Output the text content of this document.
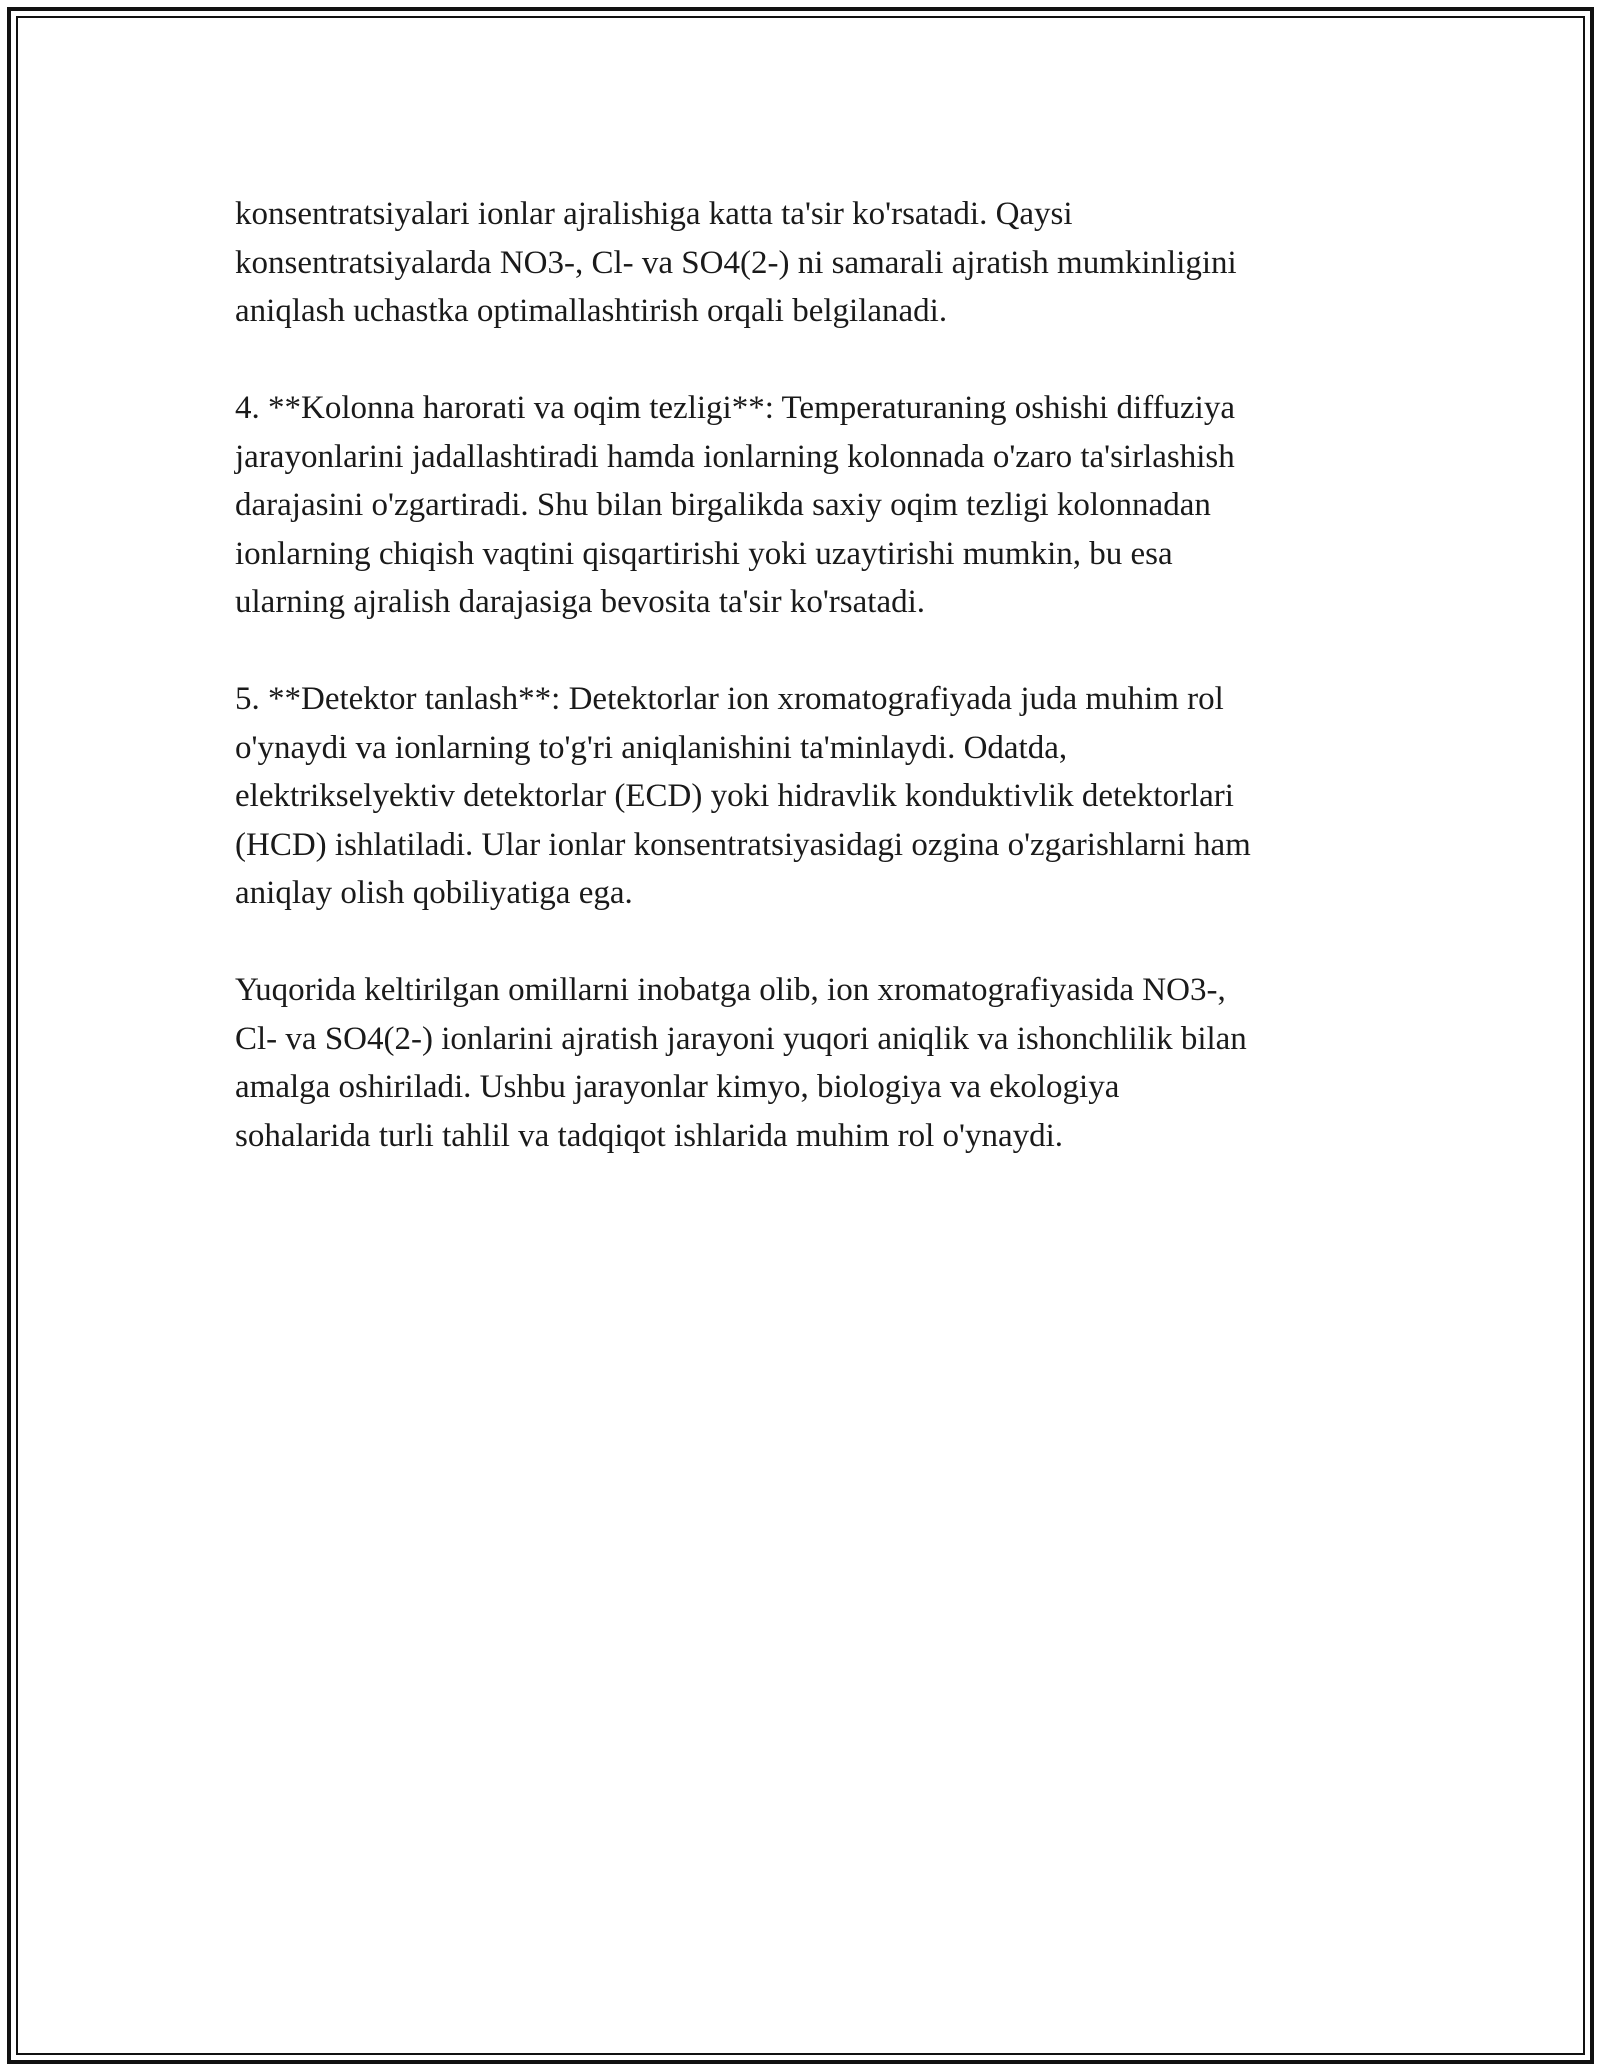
konsentratsiyalari ionlar ajralishiga katta ta'sir ko'rsatadi. Qaysi
konsentratsiyalarda NO3-, Cl- va SO4(2-) ni samarali ajratish mumkinligini
aniqlash uchastka optimallashtirish orqali belgilanadi.

4. **Kolonna harorati va oqim tezligi**: Temperaturaning oshishi diffuziya
jarayonlarini jadallashtiradi hamda ionlarning kolonnada o'zaro ta'sirlashish
darajasini o'zgartiradi. Shu bilan birgalikda saxiy oqim tezligi kolonnadan
ionlarning chiqish vaqtini qisqartirishi yoki uzaytirishi mumkin, bu esa
ularning ajralish darajasiga bevosita ta'sir ko'rsatadi.

5. **Detektor tanlash**: Detektorlar ion xromatografiyada juda muhim rol
o'ynaydi va ionlarning to'g'ri aniqlanishini ta'minlaydi. Odatda,
elektrikselyektiv detektorlar (ECD) yoki hidravlik konduktivlik detektorlari
(HCD) ishlatiladi. Ular ionlar konsentratsiyasidagi ozgina o'zgarishlarni ham
aniqlay olish qobiliyatiga ega.

Yuqorida keltirilgan omillarni inobatga olib, ion xromatografiyasida NO3-,
Cl- va SO4(2-) ionlarini ajratish jarayoni yuqori aniqlik va ishonchlilik bilan
amalga oshiriladi. Ushbu jarayonlar kimyo, biologiya va ekologiya
sohalarida turli tahlil va tadqiqot ishlarida muhim rol o'ynaydi.
